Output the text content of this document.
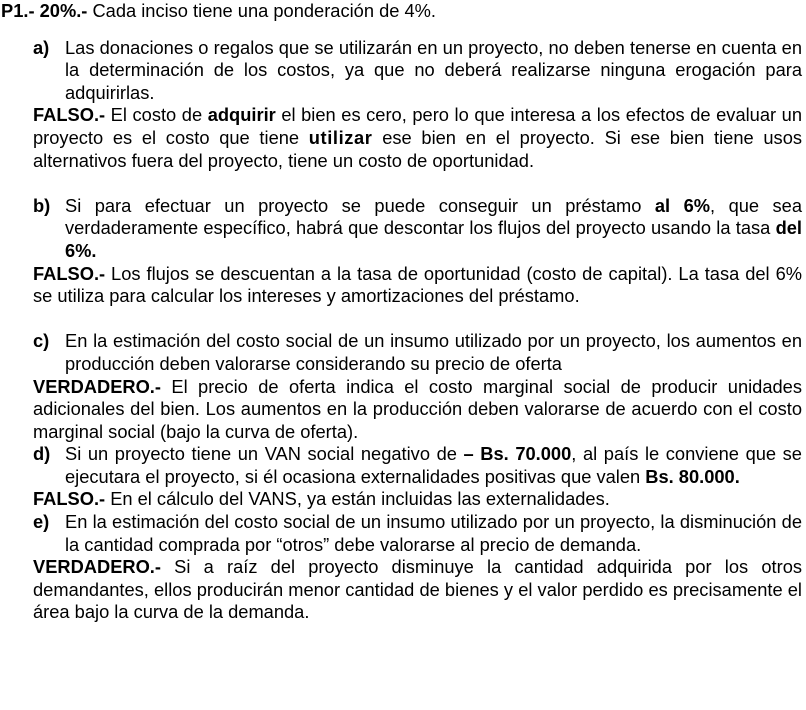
P1.- 20%.- Cada inciso tiene una ponderación de 4%.

a) Las donaciones o regalos que se utilizarán en un proyecto, no deben tenerse en cuenta en la determinación de los costos, ya que no deberá realizarse ninguna erogación para adquirirlas.

FALSO.- El costo de adquirir el bien es cero, pero lo que interesa a los efectos de evaluar un proyecto es el costo que tiene utilizar ese bien en el proyecto. Si ese bien tiene usos alternativos fuera del proyecto, tiene un costo de oportunidad.

b) Si para efectuar un proyecto se puede conseguir un préstamo al 6%, que sea verdaderamente específico, habrá que descontar los flujos del proyecto usando la tasa del 6%.

FALSO.- Los flujos se descuentan a la tasa de oportunidad (costo de capital). La tasa del 6% se utiliza para calcular los intereses y amortizaciones del préstamo.

c) En la estimación del costo social de un insumo utilizado por un proyecto, los aumentos en producción deben valorarse considerando su precio de oferta

VERDADERO.- El precio de oferta indica el costo marginal social de producir unidades adicionales del bien. Los aumentos en la producción deben valorarse de acuerdo con el costo marginal social (bajo la curva de oferta).

d) Si un proyecto tiene un VAN social negativo de – Bs. 70.000, al país le conviene que se ejecutara el proyecto, si él ocasiona externalidades positivas que valen Bs. 80.000.

FALSO.- En el cálculo del VANS, ya están incluidas las externalidades.

e) En la estimación del costo social de un insumo utilizado por un proyecto, la disminución de la cantidad comprada por “otros” debe valorarse al precio de demanda.

VERDADERO.- Si a raíz del proyecto disminuye la cantidad adquirida por los otros demandantes, ellos producirán menor cantidad de bienes y el valor perdido es precisamente el área bajo la curva de la demanda.
